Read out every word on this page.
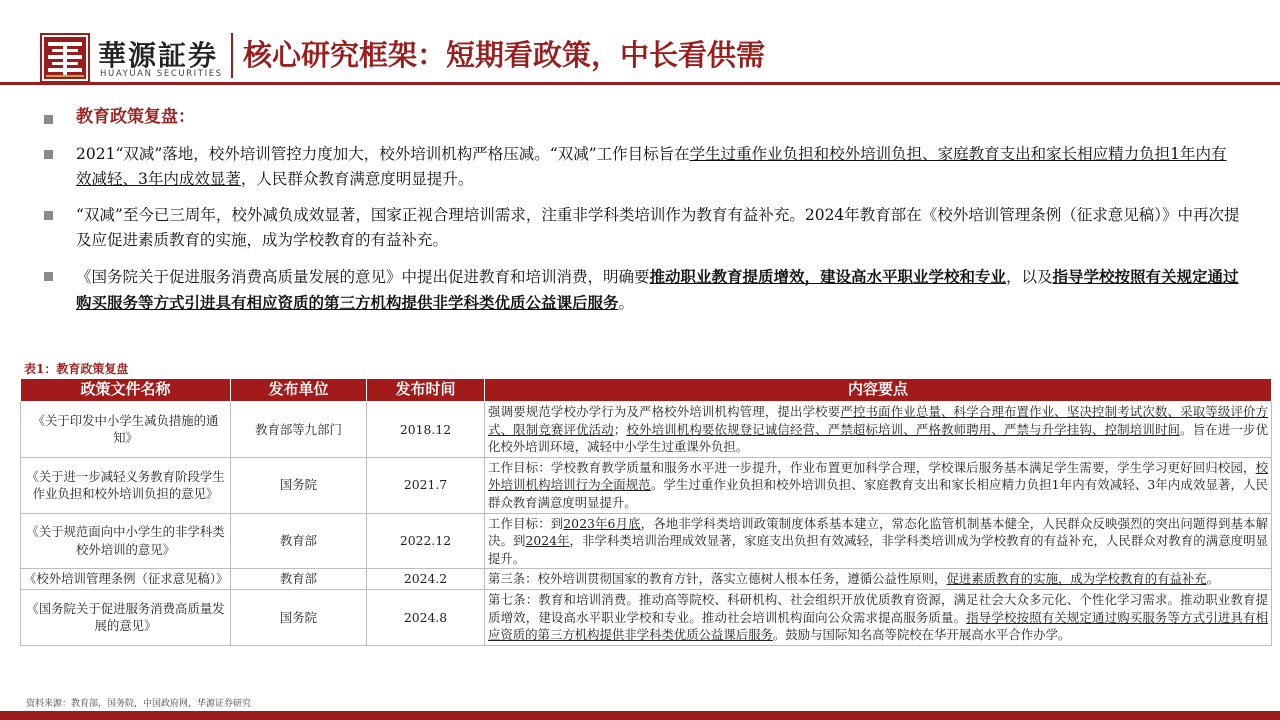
華源証券
HUAYUAN SECURITIES
核心研究框架：短期看政策，中长看供需
教育政策复盘：
2021“双减”落地，校外培训管控力度加大，校外培训机构严格压减。“双减”工作目标旨在学生过重作业负担和校外培训负担、家庭教育支出和家长相应精力负担1年内有效减轻、3年内成效显著，人民群众教育满意度明显提升。
“双减”至今已三周年，校外减负成效显著，国家正视合理培训需求，注重非学科类培训作为教育有益补充。2024年教育部在《校外培训管理条例（征求意见稿）》中再次提及应促进素质教育的实施，成为学校教育的有益补充。
《国务院关于促进服务消费高质量发展的意见》中提出促进教育和培训消费，明确要推动职业教育提质增效，建设高水平职业学校和专业，以及指导学校按照有关规定通过购买服务等方式引进具有相应资质的第三方机构提供非学科类优质公益课后服务。
表1：教育政策复盘
政策文件名称	发布单位	发布时间	内容要点
《关于印发中小学生减负措施的通知》	教育部等九部门	2018.12	强调要规范学校办学行为及严格校外培训机构管理，提出学校要严控书面作业总量、科学合理布置作业、坚决控制考试次数、采取等级评价方式、限制竞赛评优活动；校外培训机构要依规登记诚信经营、严禁超标培训、严格教师聘用、严禁与升学挂钩、控制培训时间。旨在进一步优化校外培训环境，减轻中小学生过重课外负担。
《关于进一步减轻义务教育阶段学生作业负担和校外培训负担的意见》	国务院	2021.7	工作目标：学校教育教学质量和服务水平进一步提升，作业布置更加科学合理，学校课后服务基本满足学生需要，学生学习更好回归校园，校外培训机构培训行为全面规范。学生过重作业负担和校外培训负担、家庭教育支出和家长相应精力负担1年内有效减轻、3年内成效显著，人民群众教育满意度明显提升。
《关于规范面向中小学生的非学科类校外培训的意见》	教育部	2022.12	工作目标：到2023年6月底，各地非学科类培训政策制度体系基本建立，常态化监管机制基本健全，人民群众反映强烈的突出问题得到基本解决。到2024年，非学科类培训治理成效显著，家庭支出负担有效减轻，非学科类培训成为学校教育的有益补充，人民群众对教育的满意度明显提升。
《校外培训管理条例（征求意见稿）》	教育部	2024.2	第三条：校外培训贯彻国家的教育方针，落实立德树人根本任务，遵循公益性原则，促进素质教育的实施，成为学校教育的有益补充。
《国务院关于促进服务消费高质量发展的意见》	国务院	2024.8	第七条：教育和培训消费。推动高等院校、科研机构、社会组织开放优质教育资源，满足社会大众多元化、个性化学习需求。推动职业教育提质增效，建设高水平职业学校和专业。推动社会培训机构面向公众需求提高服务质量。指导学校按照有关规定通过购买服务等方式引进具有相应资质的第三方机构提供非学科类优质公益课后服务。鼓励与国际知名高等院校在华开展高水平合作办学。
资料来源：教育部，国务院，中国政府网，华源证券研究
